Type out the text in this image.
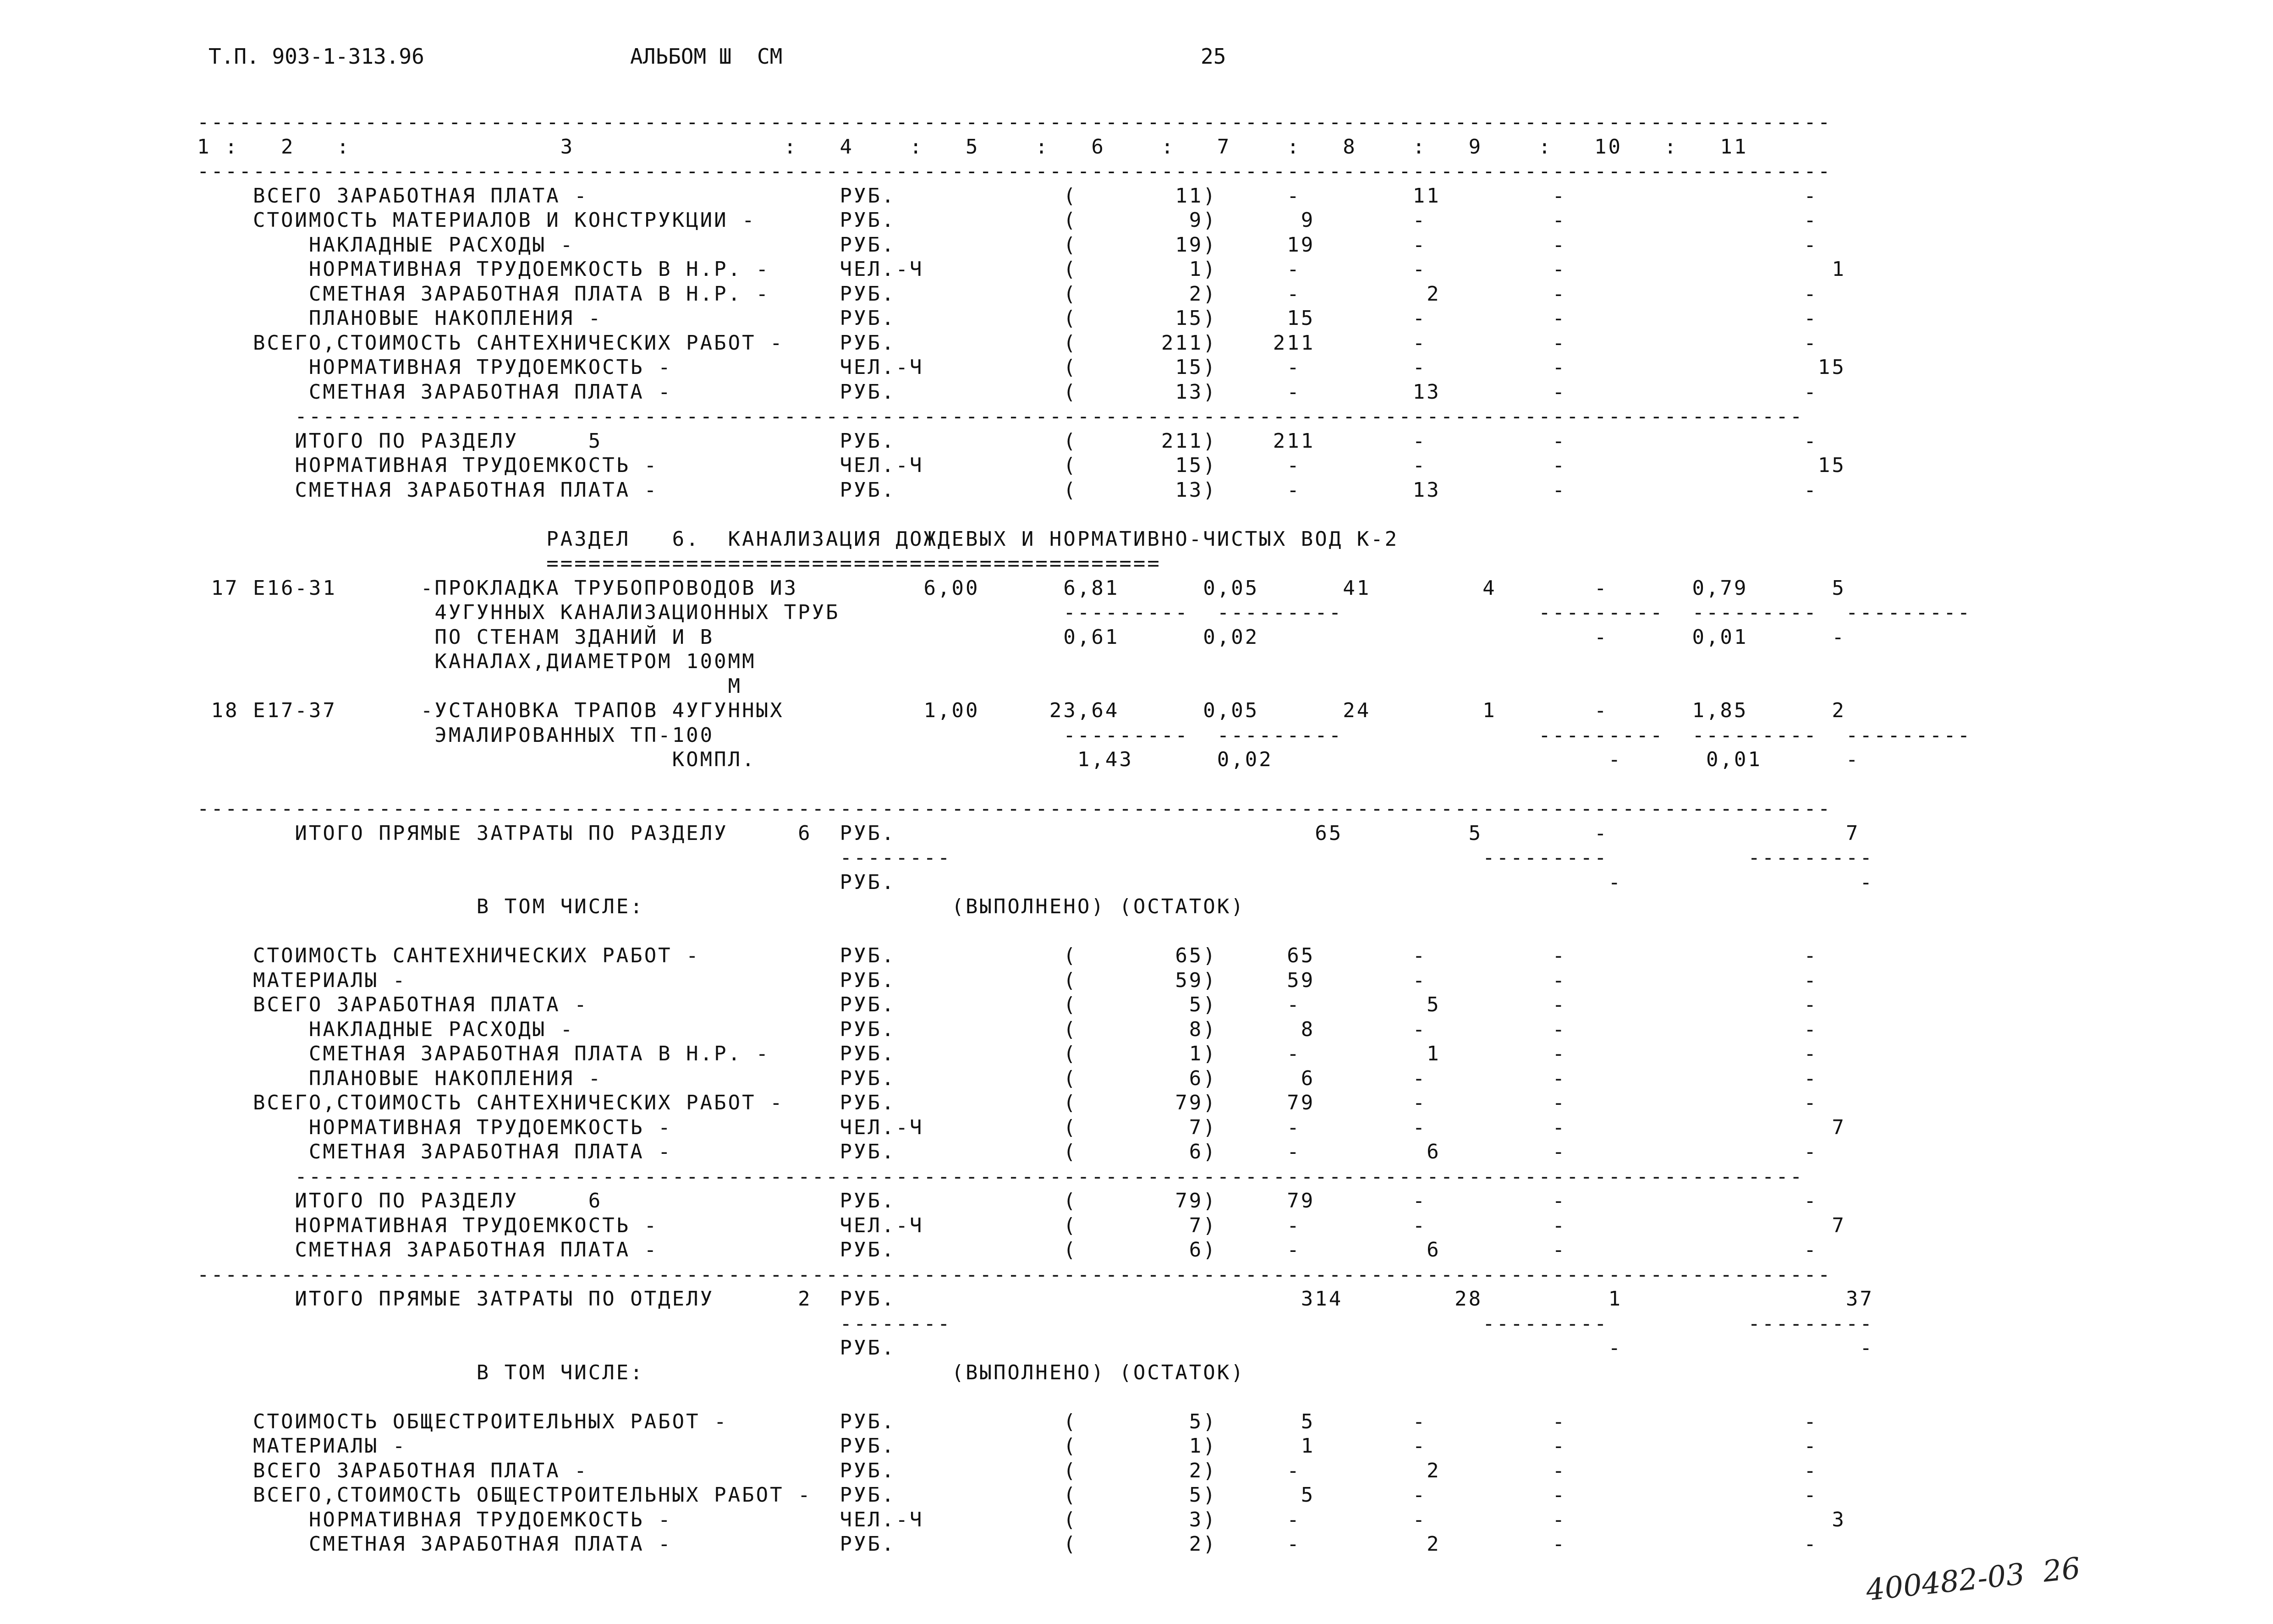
Т.П. 903-1-313.96	АЛЬБОМ Ш  СМ	25
---------------------------------------------------------------------------------------------------------------------
1 :   2   :               3               :   4    :   5    :   6    :   7    :   8    :   9    :   10   :   11
---------------------------------------------------------------------------------------------------------------------
ВСЕГО ЗАРАБОТНАЯ ПЛАТА -                  РУБ.            (       11)     -        11        -                 -
СТОИМОСТЬ МАТЕРИАЛОВ И КОНСТРУКЦИИ -      РУБ.            (        9)      9       -         -                 -
НАКЛАДНЫЕ РАСХОДЫ -                   РУБ.            (       19)     19       -         -                 -
НОРМАТИВНАЯ ТРУДОЕМКОСТЬ В Н.Р. -     ЧЕЛ.-Ч          (        1)     -        -         -                   1
СМЕТНАЯ ЗАРАБОТНАЯ ПЛАТА В Н.Р. -     РУБ.            (        2)     -         2        -                 -
ПЛАНОВЫЕ НАКОПЛЕНИЯ -                 РУБ.            (       15)     15       -         -                 -
ВСЕГО,СТОИМОСТЬ САНТЕХНИЧЕСКИХ РАБОТ -    РУБ.            (      211)    211       -         -                 -
НОРМАТИВНАЯ ТРУДОЕМКОСТЬ -            ЧЕЛ.-Ч          (       15)     -        -         -                  15
СМЕТНАЯ ЗАРАБОТНАЯ ПЛАТА -            РУБ.            (       13)     -        13        -                 -
------------------------------------------------------------------------------------------------------------
ИТОГО ПО РАЗДЕЛУ     5                 РУБ.            (      211)    211       -         -                 -
НОРМАТИВНАЯ ТРУДОЕМКОСТЬ -             ЧЕЛ.-Ч          (       15)     -        -         -                  15
СМЕТНАЯ ЗАРАБОТНАЯ ПЛАТА -             РУБ.            (       13)     -        13        -                 -
РАЗДЕЛ   6.  КАНАЛИЗАЦИЯ ДОЖДЕВЫХ И НОРМАТИВНО-ЧИСТЫХ ВОД К-2
============================================
17 Е16-31      -ПРОКЛАДКА ТРУБОПРОВОДОВ ИЗ         6,00      6,81      0,05      41        4       -      0,79      5
4УГУННЫХ КАНАЛИЗАЦИОННЫХ ТРУБ                ---------  ---------              ---------  ---------  ---------
ПО СТЕНАМ ЗДАНИЙ И В                         0,61      0,02                        -      0,01      -
КАНАЛАХ,ДИАМЕТРОМ 100ММ
М
18 Е17-37      -УСТАНОВКА ТРАПОВ 4УГУННЫХ          1,00     23,64      0,05      24        1       -      1,85      2
ЭМАЛИРОВАННЫХ ТП-100                         ---------  ---------              ---------  ---------  ---------
КОМПЛ.                       1,43      0,02                        -      0,01      -
---------------------------------------------------------------------------------------------------------------------
ИТОГО ПРЯМЫЕ ЗАТРАТЫ ПО РАЗДЕЛУ     6  РУБ.                              65         5        -                 7
--------                                      ---------          ---------
РУБ.                                                   -                 -
В ТОМ ЧИСЛЕ:                      (ВЫПОЛНЕНО) (ОСТАТОК)
СТОИМОСТЬ САНТЕХНИЧЕСКИХ РАБОТ -          РУБ.            (       65)     65       -         -                 -
МАТЕРИАЛЫ -                               РУБ.            (       59)     59       -         -                 -
ВСЕГО ЗАРАБОТНАЯ ПЛАТА -                  РУБ.            (        5)     -         5        -                 -
НАКЛАДНЫЕ РАСХОДЫ -                   РУБ.            (        8)      8       -         -                 -
СМЕТНАЯ ЗАРАБОТНАЯ ПЛАТА В Н.Р. -     РУБ.            (        1)     -         1        -                 -
ПЛАНОВЫЕ НАКОПЛЕНИЯ -                 РУБ.            (        6)      6       -         -                 -
ВСЕГО,СТОИМОСТЬ САНТЕХНИЧЕСКИХ РАБОТ -    РУБ.            (       79)     79       -         -                 -
НОРМАТИВНАЯ ТРУДОЕМКОСТЬ -            ЧЕЛ.-Ч          (        7)     -        -         -                   7
СМЕТНАЯ ЗАРАБОТНАЯ ПЛАТА -            РУБ.            (        6)     -         6        -                 -
------------------------------------------------------------------------------------------------------------
ИТОГО ПО РАЗДЕЛУ     6                 РУБ.            (       79)     79       -         -                 -
НОРМАТИВНАЯ ТРУДОЕМКОСТЬ -             ЧЕЛ.-Ч          (        7)     -        -         -                   7
СМЕТНАЯ ЗАРАБОТНАЯ ПЛАТА -             РУБ.            (        6)     -         6        -                 -
---------------------------------------------------------------------------------------------------------------------
ИТОГО ПРЯМЫЕ ЗАТРАТЫ ПО ОТДЕЛУ      2  РУБ.                             314        28         1                37
--------                                      ---------          ---------
РУБ.                                                   -                 -
В ТОМ ЧИСЛЕ:                      (ВЫПОЛНЕНО) (ОСТАТОК)
СТОИМОСТЬ ОБЩЕСТРОИТЕЛЬНЫХ РАБОТ -        РУБ.            (        5)      5       -         -                 -
МАТЕРИАЛЫ -                               РУБ.            (        1)      1       -         -                 -
ВСЕГО ЗАРАБОТНАЯ ПЛАТА -                  РУБ.            (        2)     -         2        -                 -
ВСЕГО,СТОИМОСТЬ ОБЩЕСТРОИТЕЛЬНЫХ РАБОТ -  РУБ.            (        5)      5       -         -                 -
НОРМАТИВНАЯ ТРУДОЕМКОСТЬ -            ЧЕЛ.-Ч          (        3)     -        -         -                   3
СМЕТНАЯ ЗАРАБОТНАЯ ПЛАТА -            РУБ.            (        2)     -         2        -                 -
400482-03  26
